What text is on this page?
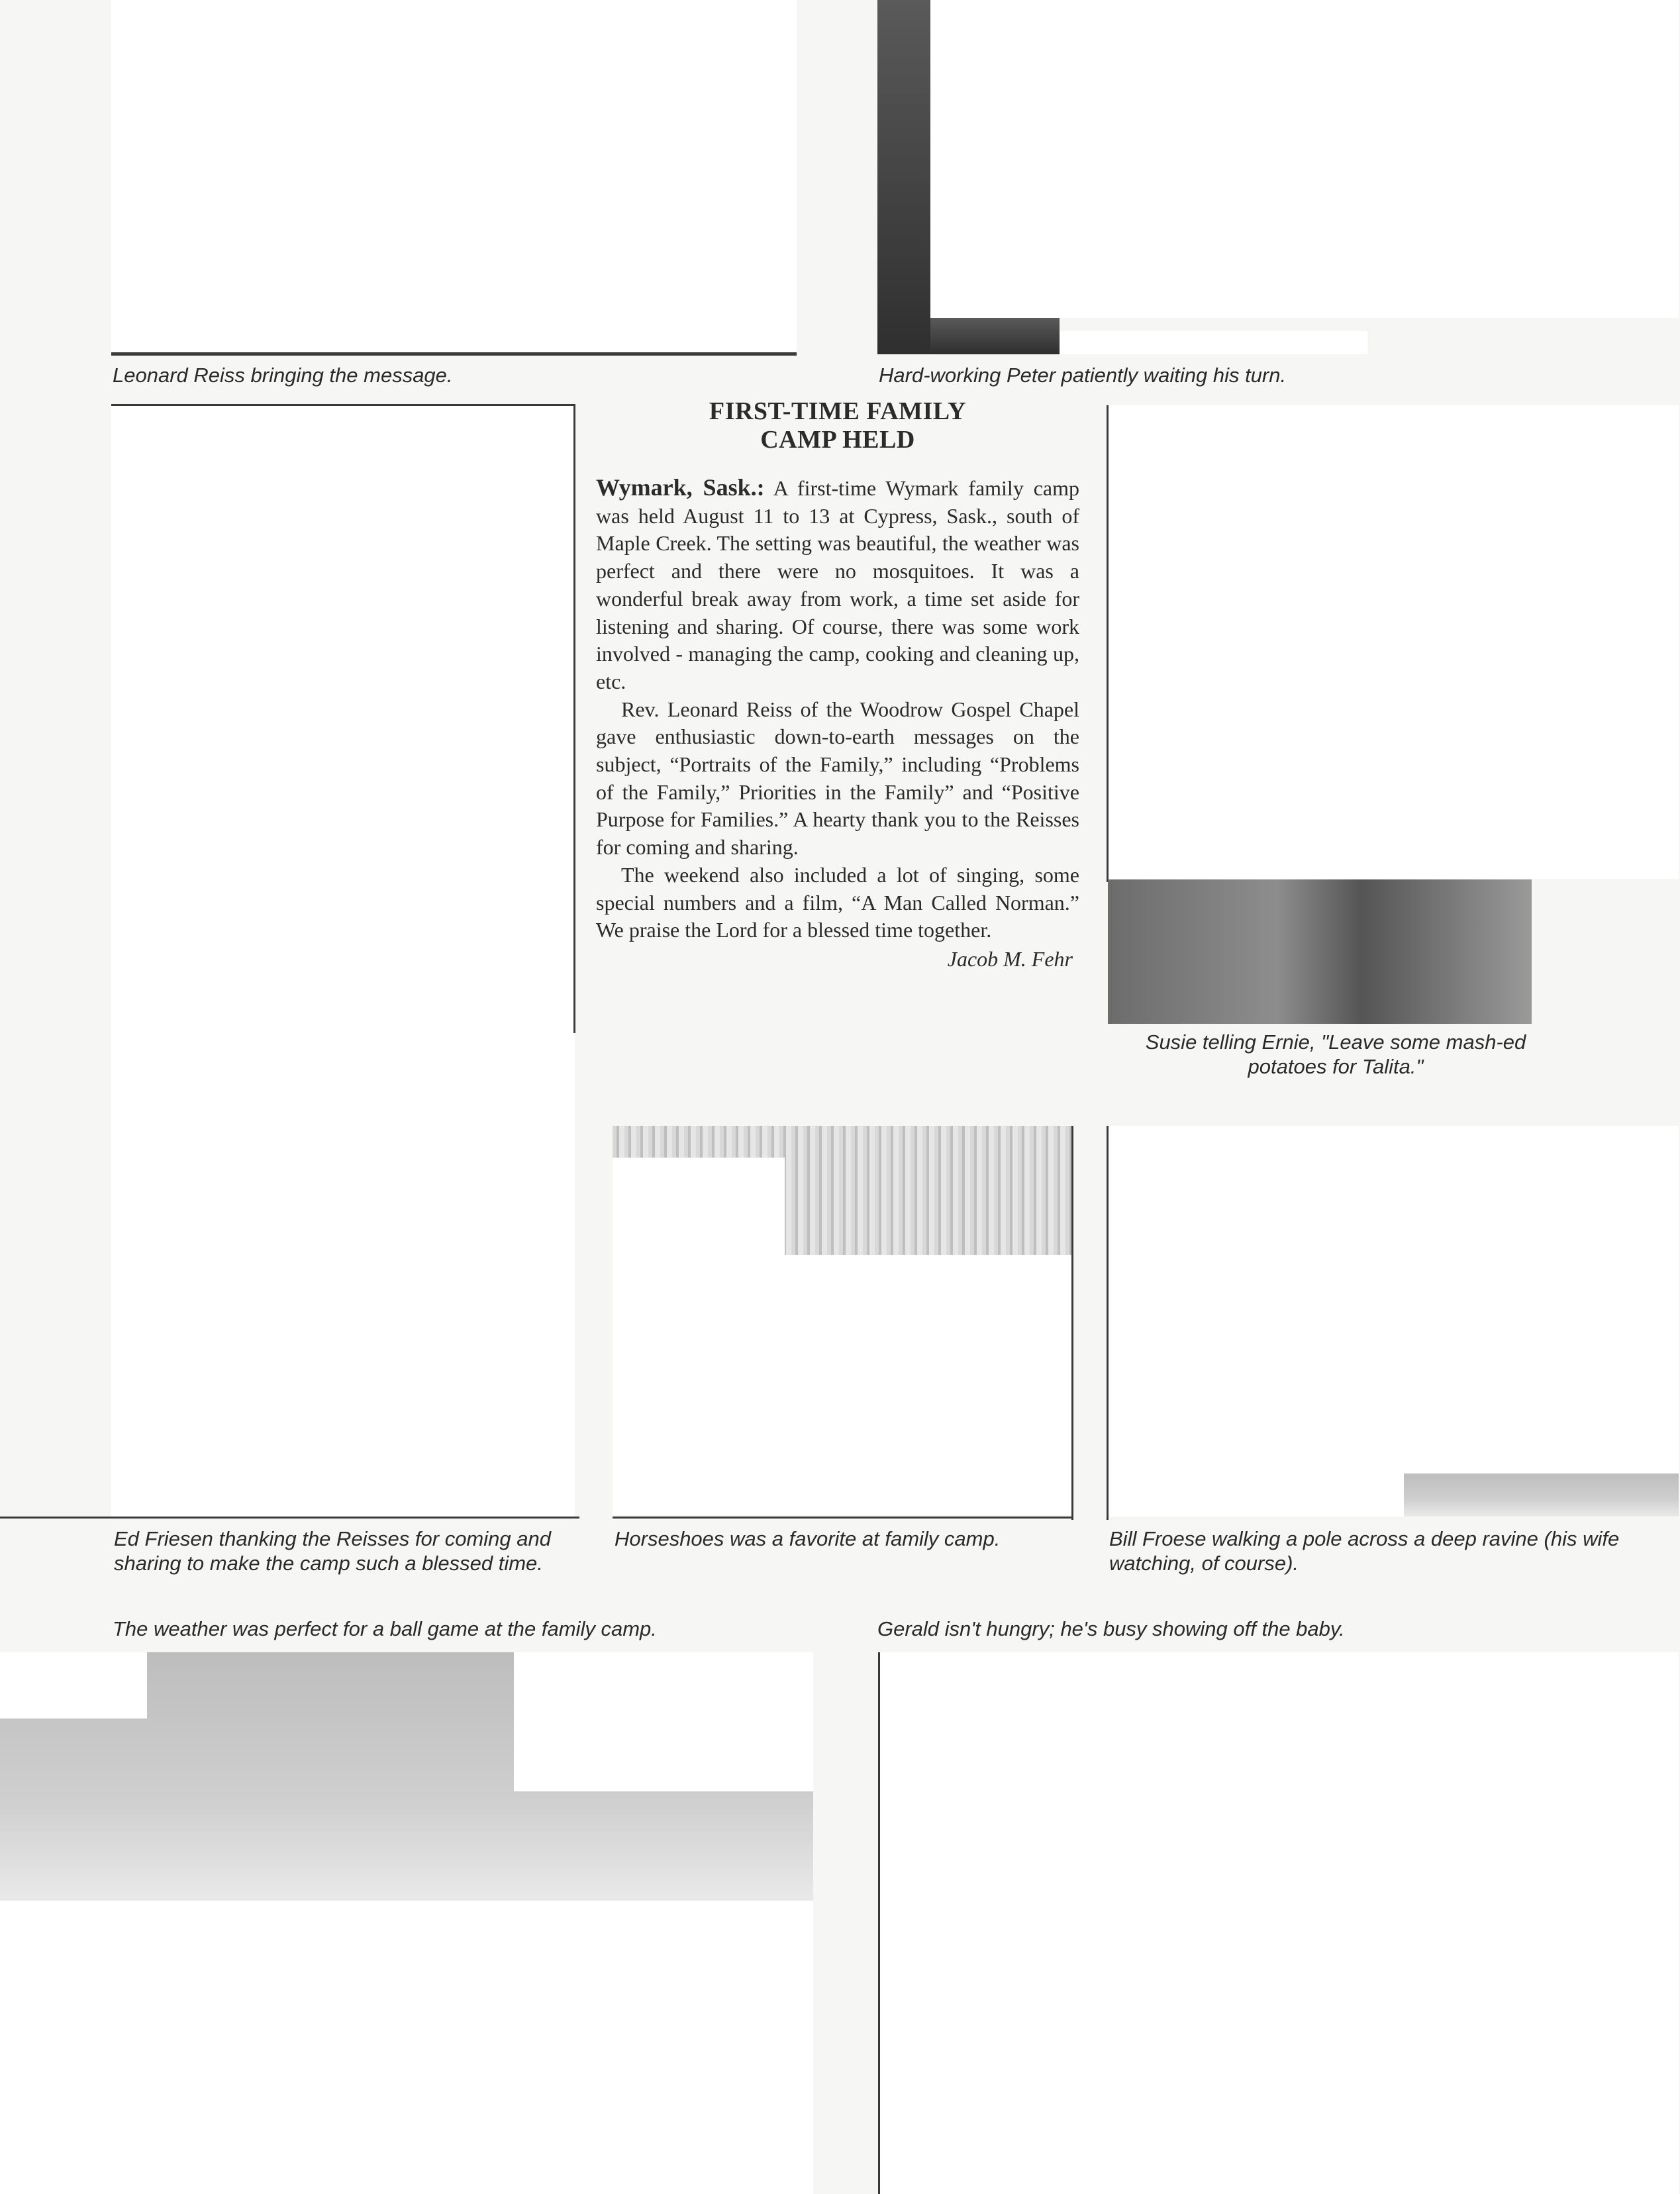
Leonard Reiss bringing the message.	Hard-working Peter patiently waiting his turn.

FIRST-TIME FAMILY
CAMP HELD

Wymark, Sask.: A first-time Wymark family camp was held August 11 to 13 at Cypress, Sask., south of Maple Creek. The setting was beautiful, the weather was perfect and there were no mosquitoes. It was a wonderful break away from work, a time set aside for listening and sharing. Of course, there was some work involved - managing the camp, cooking and cleaning up, etc.

Rev. Leonard Reiss of the Woodrow Gospel Chapel gave enthusiastic down-to-earth messages on the subject, “Portraits of the Family,” including “Problems of the Family,” Priorities in the Family” and “Positive Purpose for Families.” A hearty thank you to the Reisses for coming and sharing.

The weekend also included a lot of singing, some special numbers and a film, “A Man Called Norman.” We praise the Lord for a blessed time together.

Jacob M. Fehr

Susie telling Ernie, "Leave some mash-ed potatoes for Talita."

Ed Friesen thanking the Reisses for coming and sharing to make the camp such a blessed time.

Horseshoes was a favorite at family camp.	Bill Froese walking a pole across a deep ravine (his wife watching, of course).

The weather was perfect for a ball game at the family camp.	Gerald isn't hungry; he's busy showing off the baby.
